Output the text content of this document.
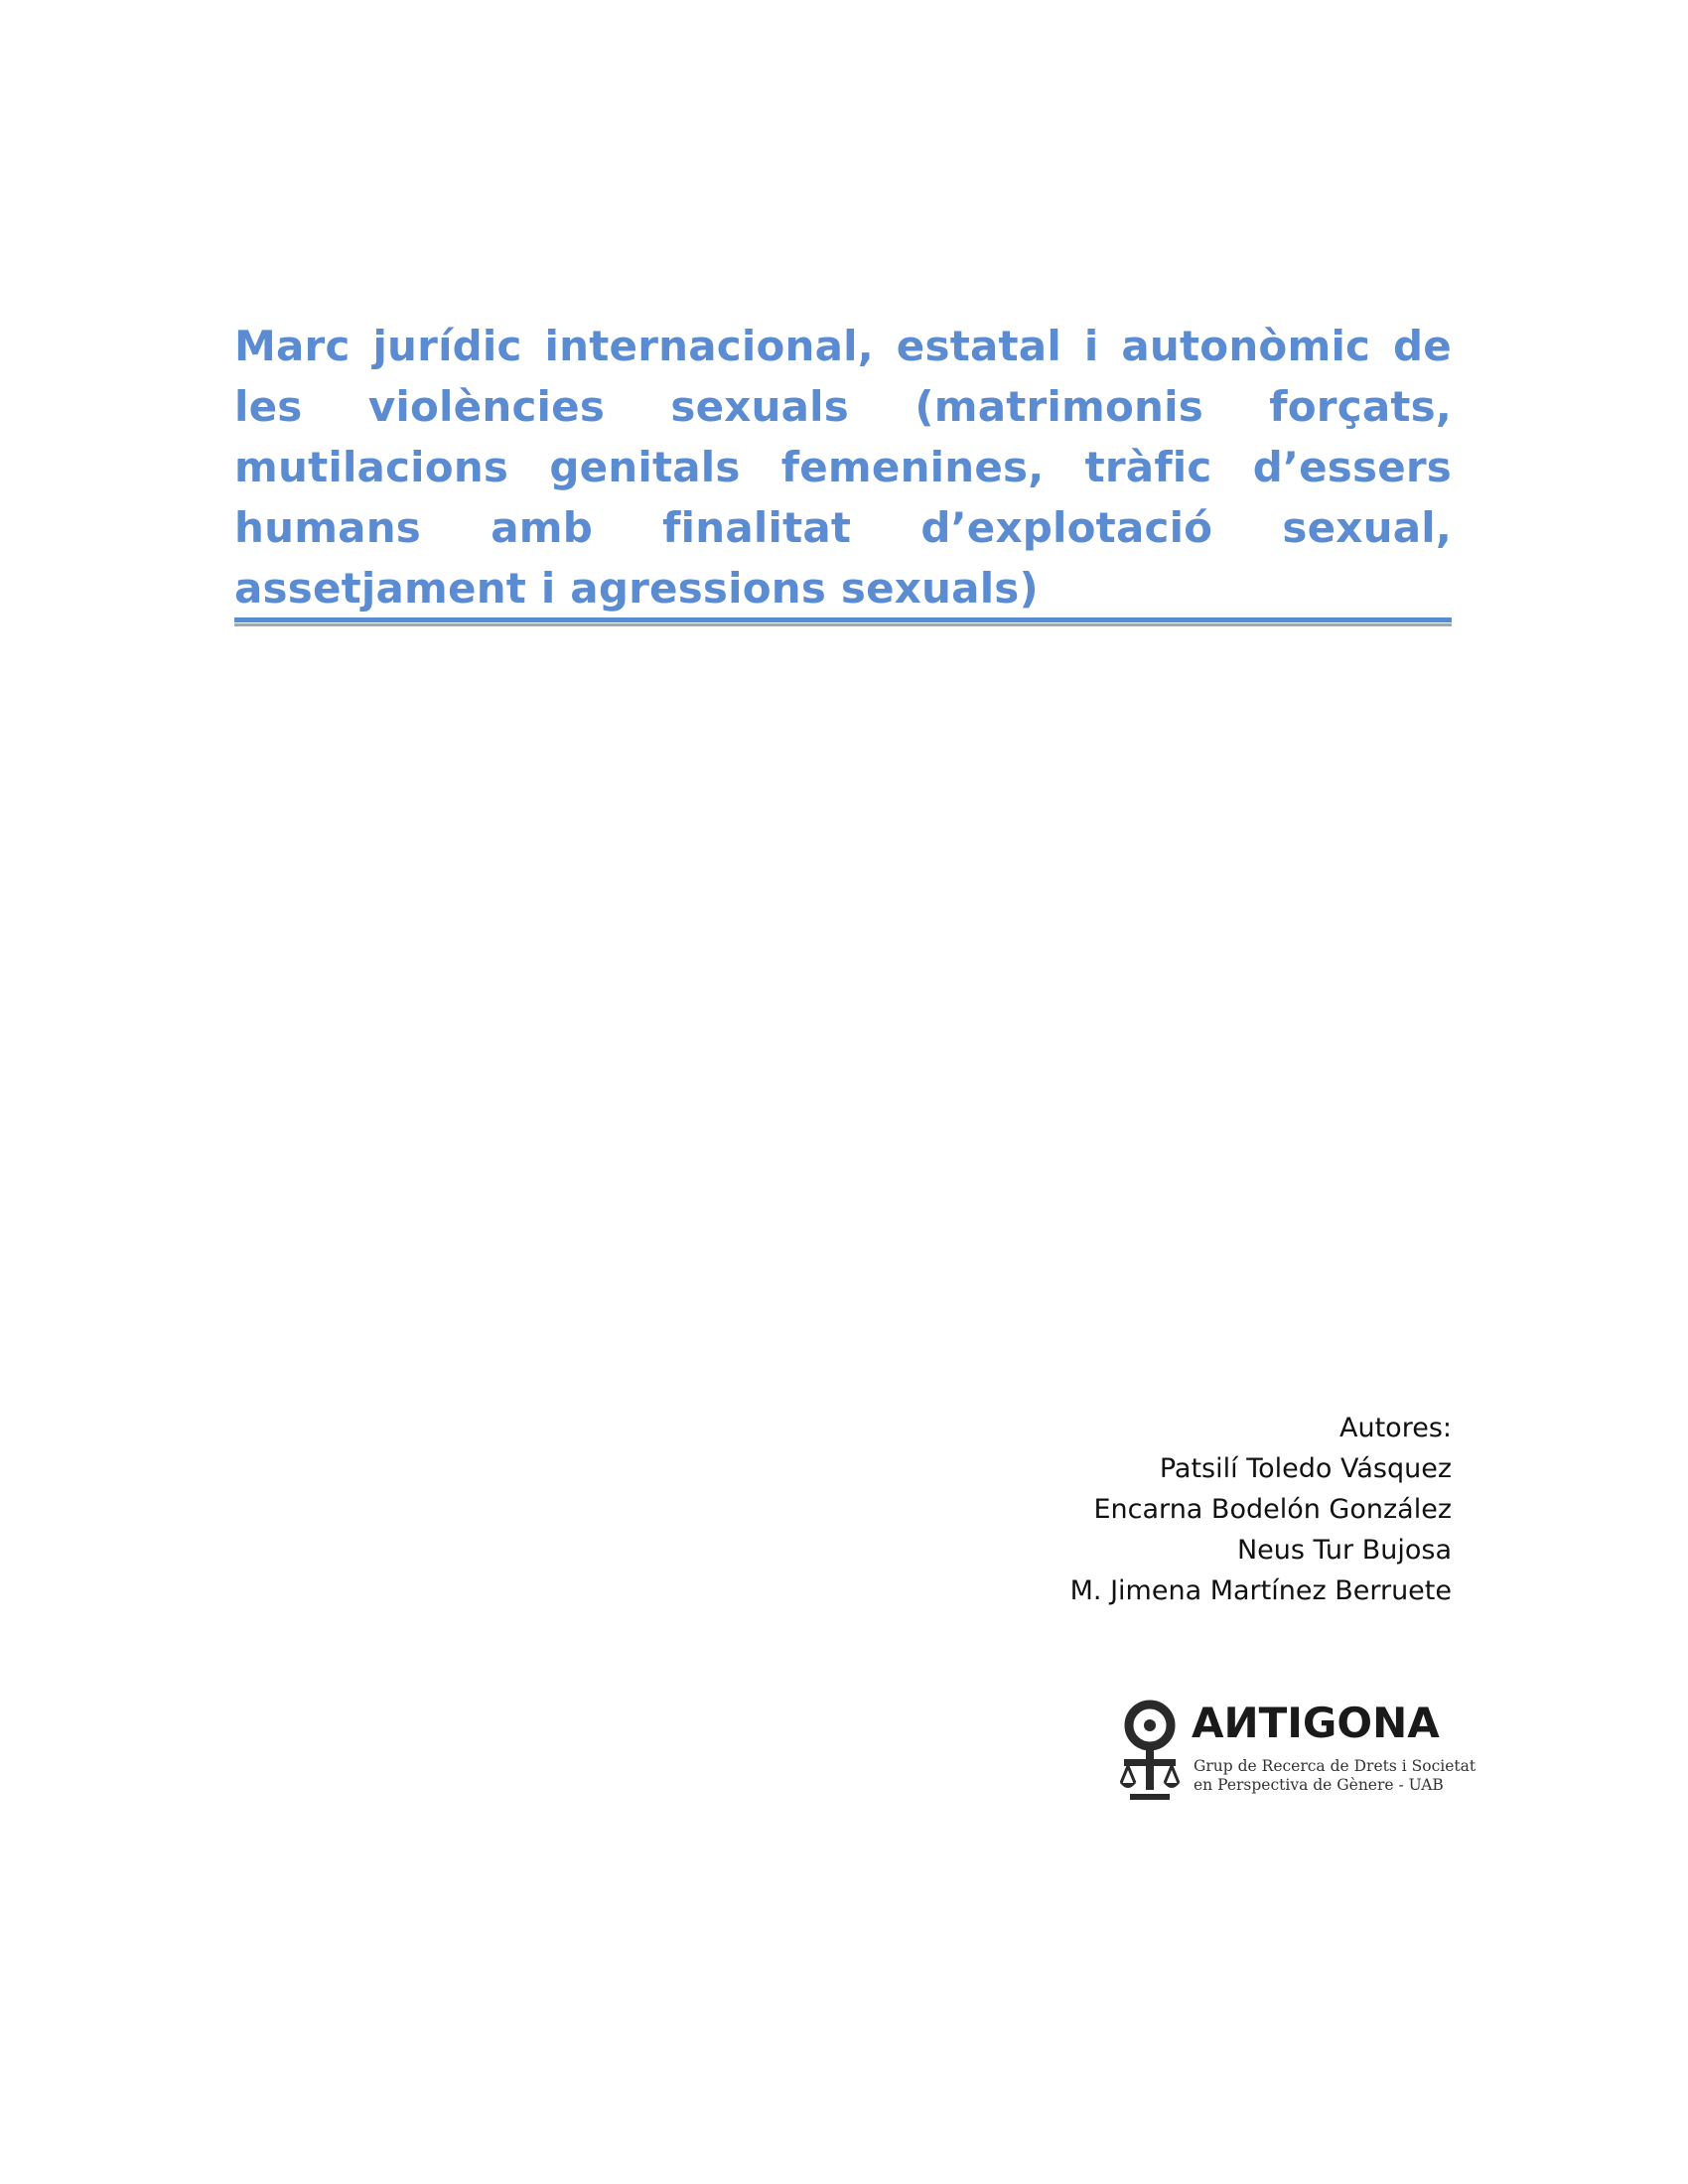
Marc jurídic internacional, estatal i autonòmic de les violències sexuals (matrimonis forçats, mutilacions genitals femenines, tràfic d’essers humans amb finalitat d’explotació sexual, assetjament i agressions sexuals)
Autores:
Patsilí Toledo Vásquez
Encarna Bodelón González
Neus Tur Bujosa
M. Jimena Martínez Berruete
AИTIGONA
Grup de Recerca de Drets i Societat
en Perspectiva de Gènere - UAB
